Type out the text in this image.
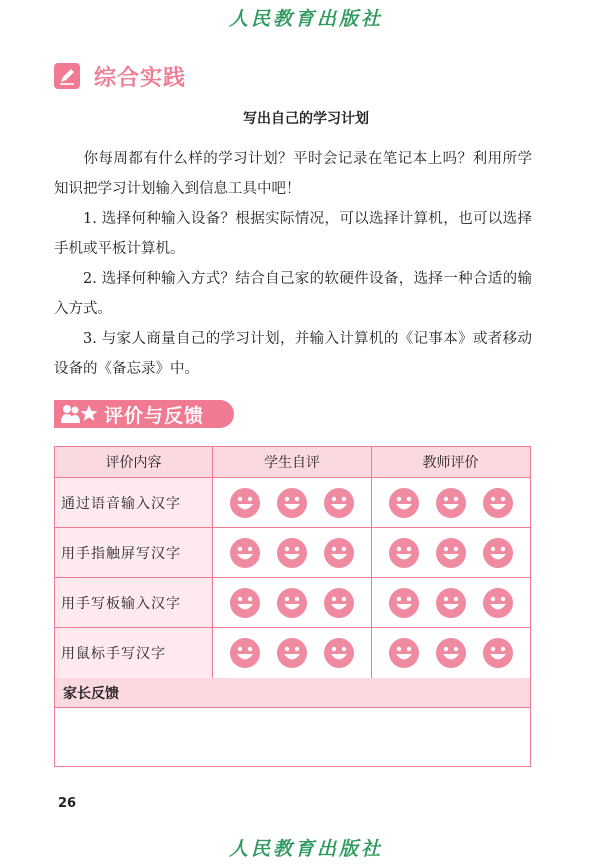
人民教育出版社
综合实践
写出自己的学习计划
你每周都有什么样的学习计划？平时会记录在笔记本上吗？利用所学知识把学习计划输入到信息工具中吧！
1. 选择何种输入设备？根据实际情况，可以选择计算机，也可以选择手机或平板计算机。
2. 选择何种输入方式？结合自己家的软硬件设备，选择一种合适的输入方式。
3. 与家人商量自己的学习计划，并输入计算机的《记事本》或者移动设备的《备忘录》中。
评价与反馈
评价内容	学生自评	教师评价
通过语音输入汉字
用手指触屏写汉字
用手写板输入汉字
用鼠标手写汉字
家长反馈
26
人民教育出版社
